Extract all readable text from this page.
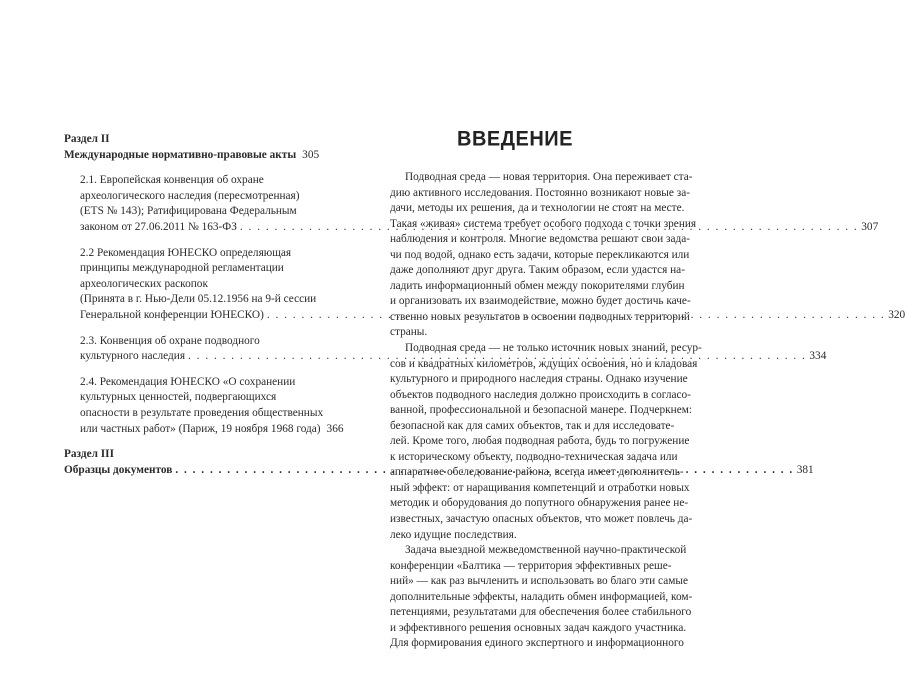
Раздел II
Международные нормативно-правовые акты 305
2.1. Европейская конвенция об охране
археологического наследия (пересмотренная)
(ETS № 143); Ратифицирована Федеральным
законом от 27.06.2011 № 163-ФЗ . . .	307
2.2 Рекомендация ЮНЕСКО определяющая
принципы международной регламентации
археологических раскопок
(Принята в г. Нью-Дели 05.12.1956 на 9-й сессии
Генеральной конференции ЮНЕСКО) . . .	320
2.3. Конвенция об охране подводного
культурного наследия . . .	334
2.4. Рекомендация ЮНЕСКО «О сохранении
культурных ценностей, подвергающихся
опасности в результате проведения общественных
или частных работ» (Париж, 19 ноября 1968 года) 366
Раздел III
Образцы документов . . .	381
ВВЕДЕНИЕ
Подводная среда — новая территория. Она переживает ста-
дию активного исследования. Постоянно возникают новые за-
дачи, методы их решения, да и технологии не стоят на месте.
Такая «живая» система требует особого подхода с точки зрения
наблюдения и контроля. Многие ведомства решают свои зада-
чи под водой, однако есть задачи, которые перекликаются или
даже дополняют друг друга. Таким образом, если удастся на-
ладить информационный обмен между покорителями глубин
и организовать их взаимодействие, можно будет достичь каче-
ственно новых результатов в освоении подводных территорий
страны.
Подводная среда — не только источник новых знаний, ресур-
сов и квадратных километров, ждущих освоения, но и кладовая
культурного и природного наследия страны. Однако изучение
объектов подводного наследия должно происходить в согласо-
ванной, профессиональной и безопасной манере. Подчеркнем:
безопасной как для самих объектов, так и для исследовате-
лей. Кроме того, любая подводная работа, будь то погружение
к историческому объекту, подводно-техническая задача или
аппаратное обследование района, всегда имеет дополнитель-
ный эффект: от наращивания компетенций и отработки новых
методик и оборудования до попутного обнаружения ранее не-
известных, зачастую опасных объектов, что может повлечь да-
леко идущие последствия.
Задача выездной межведомственной научно-практической
конференции «Балтика — территория эффективных реше-
ний» — как раз вычленить и использовать во благо эти самые
дополнительные эффекты, наладить обмен информацией, ком-
петенциями, результатами для обеспечения более стабильного
и эффективного решения основных задач каждого участника.
Для формирования единого экспертного и информационного
